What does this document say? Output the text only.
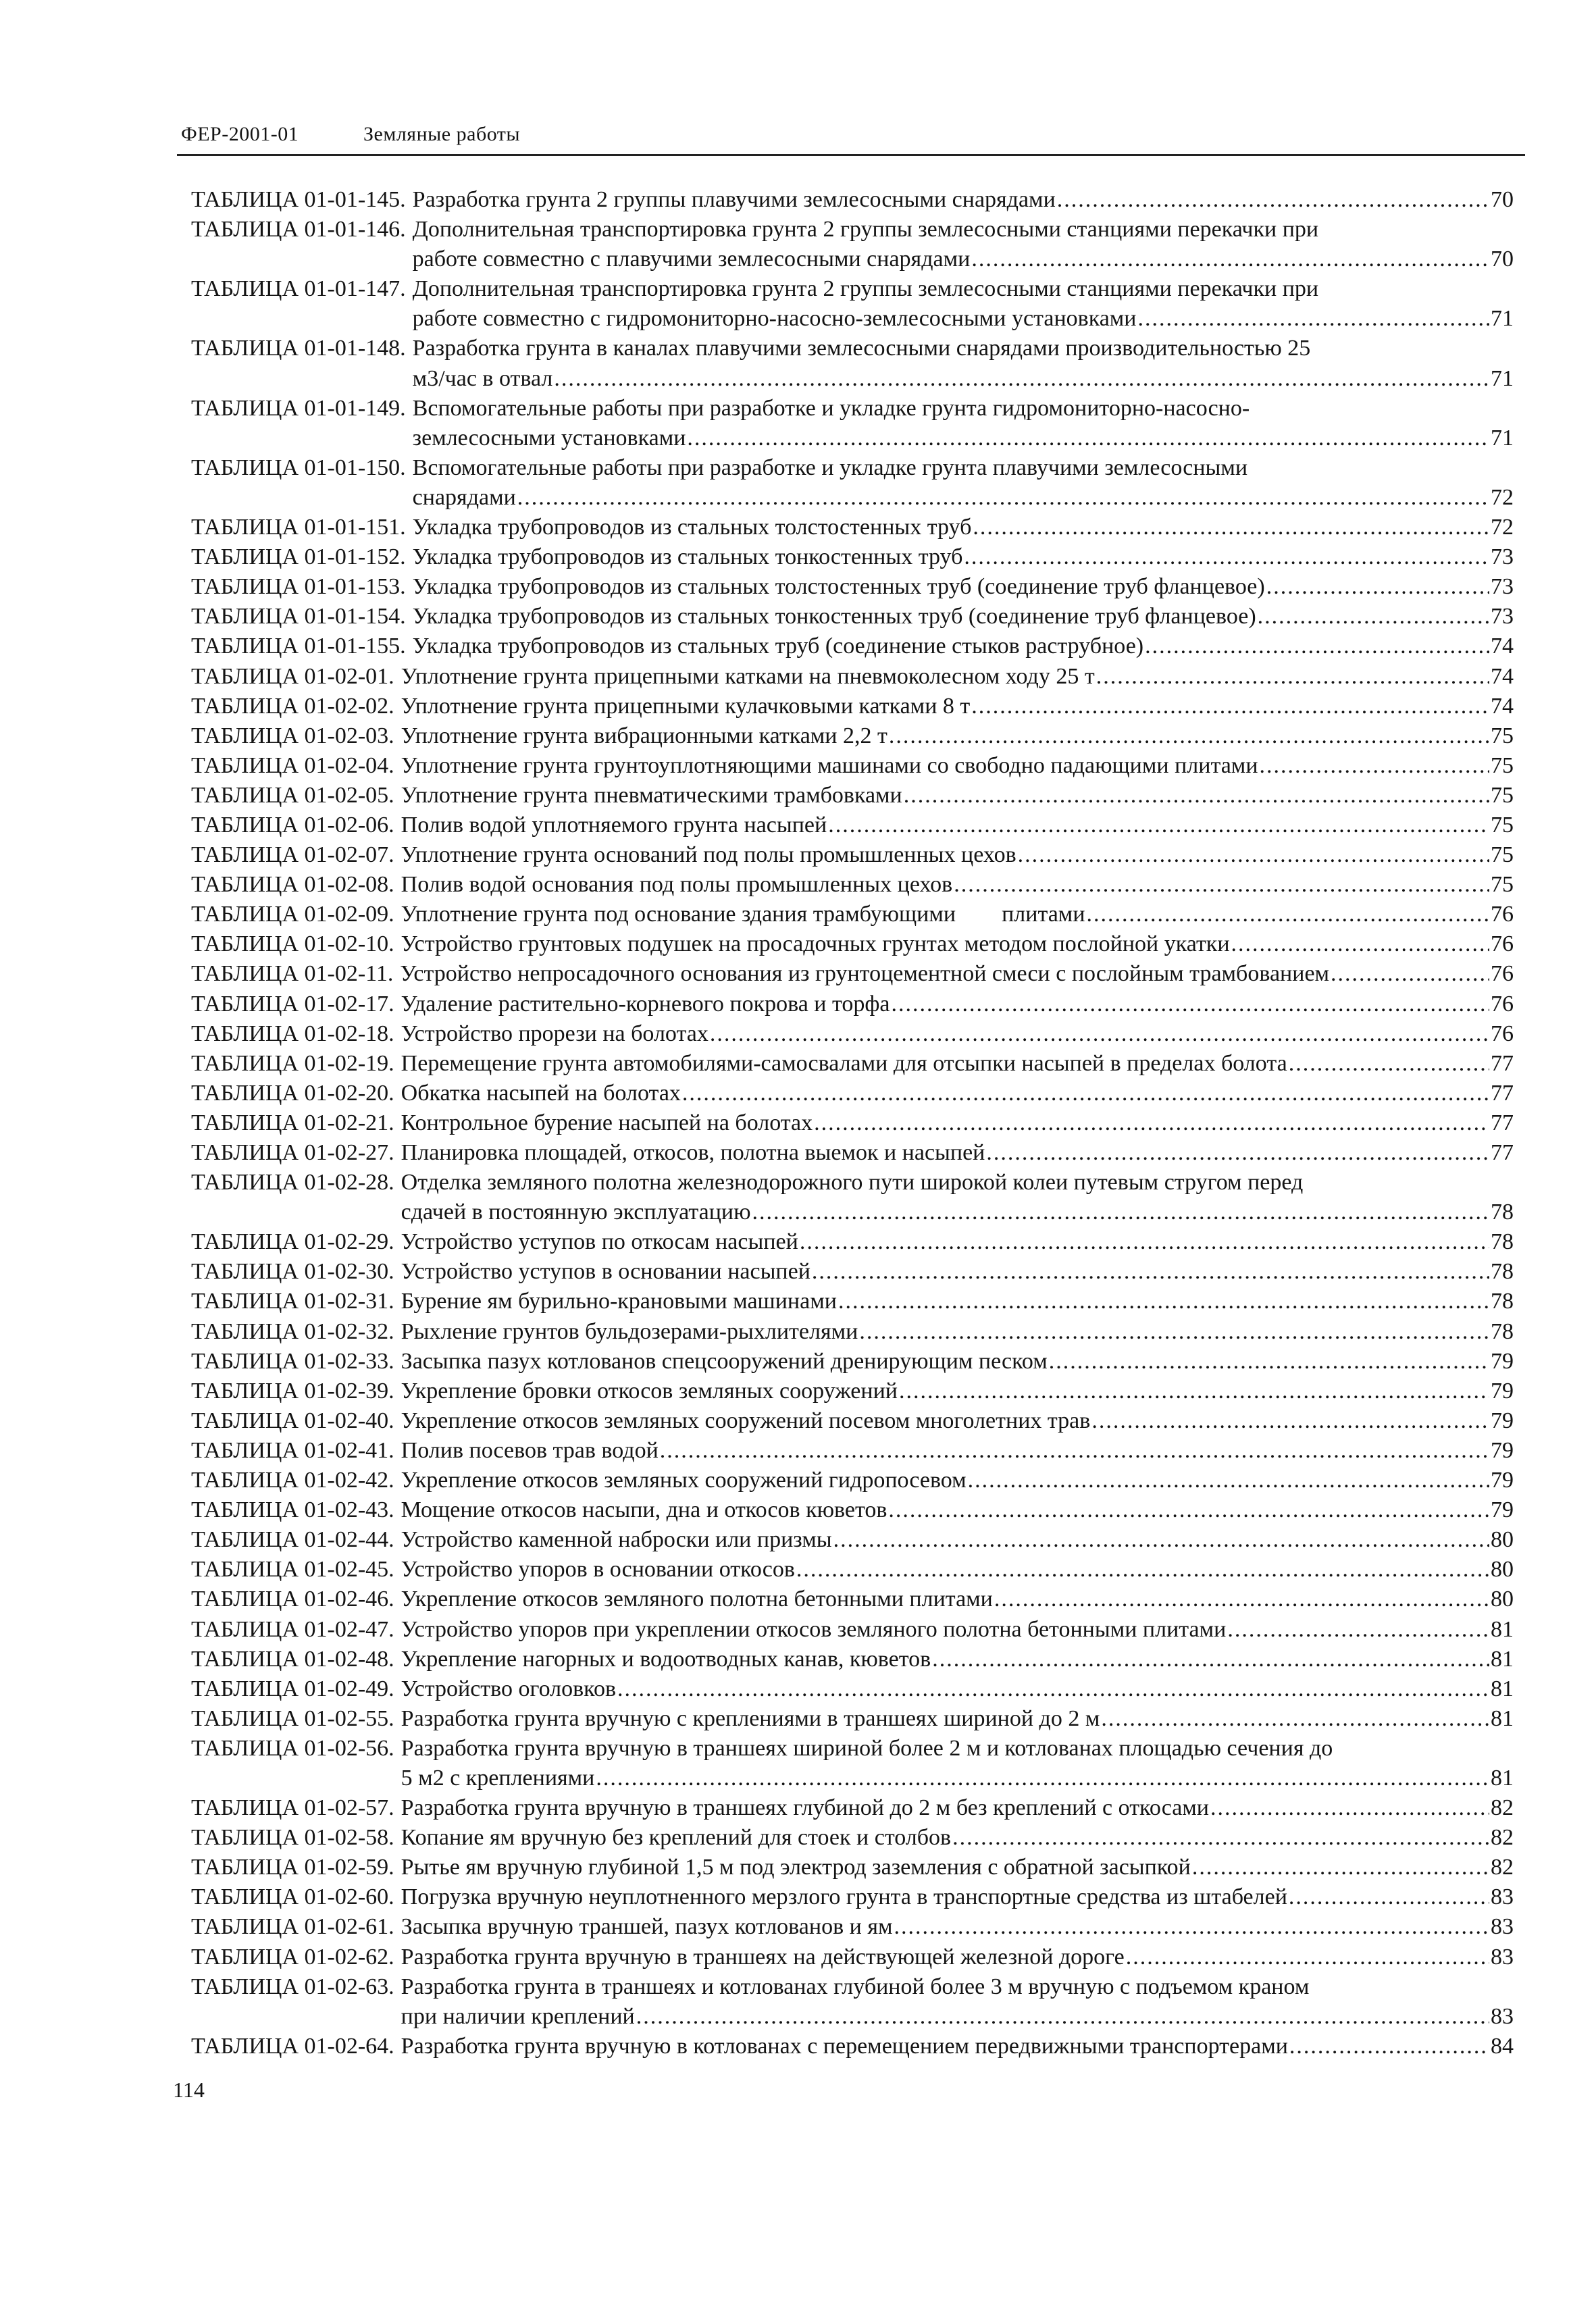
ФЕР-2001-01	Земляные работы
ТАБЛИЦА 01-01-145. Разработка грунта 2 группы плавучими землесосными снарядами .....	70
ТАБЛИЦА 01-01-146. Дополнительная транспортировка грунта 2 группы землесосными станциями перекачки при
работе совместно с плавучими землесосными снарядами .....	70
ТАБЛИЦА 01-01-147. Дополнительная транспортировка грунта 2 группы землесосными станциями перекачки при
работе совместно с гидромониторно-насосно-землесосными установками .....	71
ТАБЛИЦА 01-01-148. Разработка грунта в каналах плавучими землесосными снарядами производительностью 25
м3/час в отвал .....	71
ТАБЛИЦА 01-01-149. Вспомогательные работы при разработке и укладке грунта гидромониторно-насосно-
землесосными установками .....	71
ТАБЛИЦА 01-01-150. Вспомогательные работы при разработке и укладке грунта плавучими землесосными
снарядами .....	72
ТАБЛИЦА 01-01-151. Укладка трубопроводов из стальных толстостенных труб .....	72
ТАБЛИЦА 01-01-152. Укладка трубопроводов из стальных тонкостенных труб .....	73
ТАБЛИЦА 01-01-153. Укладка трубопроводов из стальных толстостенных труб (соединение труб фланцевое) .....	73
ТАБЛИЦА 01-01-154. Укладка трубопроводов из стальных тонкостенных труб (соединение труб фланцевое) .....	73
ТАБЛИЦА 01-01-155. Укладка трубопроводов из стальных труб (соединение стыков раструбное) .....	74
ТАБЛИЦА 01-02-01. Уплотнение грунта прицепными катками на пневмоколесном ходу 25 т .....	74
ТАБЛИЦА 01-02-02. Уплотнение грунта прицепными кулачковыми катками 8 т .....	74
ТАБЛИЦА 01-02-03. Уплотнение грунта вибрационными катками 2,2 т .....	75
ТАБЛИЦА 01-02-04. Уплотнение грунта грунтоуплотняющими машинами со свободно падающими плитами .....	75
ТАБЛИЦА 01-02-05. Уплотнение грунта пневматическими трамбовками .....	75
ТАБЛИЦА 01-02-06. Полив водой уплотняемого грунта насыпей .....	75
ТАБЛИЦА 01-02-07. Уплотнение грунта оснований под полы промышленных цехов .....	75
ТАБЛИЦА 01-02-08. Полив водой основания под полы промышленных цехов .....	75
ТАБЛИЦА 01-02-09. Уплотнение грунта под основание здания трамбующими        плитами .....	76
ТАБЛИЦА 01-02-10. Устройство грунтовых подушек на просадочных грунтах методом послойной укатки .....	76
ТАБЛИЦА 01-02-11. Устройство непросадочного основания из грунтоцементной смеси с послойным трамбованием .....	76
ТАБЛИЦА 01-02-17. Удаление растительно-корневого покрова и торфа .....	76
ТАБЛИЦА 01-02-18. Устройство прорези на болотах .....	76
ТАБЛИЦА 01-02-19. Перемещение грунта автомобилями-самосвалами для отсыпки насыпей в пределах болота .....	77
ТАБЛИЦА 01-02-20. Обкатка насыпей на болотах .....	77
ТАБЛИЦА 01-02-21. Контрольное бурение насыпей на болотах .....	77
ТАБЛИЦА 01-02-27. Планировка площадей, откосов, полотна выемок и насыпей .....	77
ТАБЛИЦА 01-02-28. Отделка земляного полотна железнодорожного пути широкой колеи путевым стругом перед
сдачей в постоянную эксплуатацию .....	78
ТАБЛИЦА 01-02-29. Устройство уступов по откосам насыпей .....	78
ТАБЛИЦА 01-02-30. Устройство уступов в основании насыпей .....	78
ТАБЛИЦА 01-02-31. Бурение ям бурильно-крановыми машинами .....	78
ТАБЛИЦА 01-02-32. Рыхление грунтов бульдозерами-рыхлителями .....	78
ТАБЛИЦА 01-02-33. Засыпка пазух котлованов спецсооружений дренирующим песком .....	79
ТАБЛИЦА 01-02-39. Укрепление бровки откосов земляных сооружений .....	79
ТАБЛИЦА 01-02-40. Укрепление откосов земляных сооружений посевом многолетних трав .....	79
ТАБЛИЦА 01-02-41. Полив посевов трав водой .....	79
ТАБЛИЦА 01-02-42. Укрепление откосов земляных сооружений гидропосевом .....	79
ТАБЛИЦА 01-02-43. Мощение откосов насыпи, дна и откосов кюветов .....	79
ТАБЛИЦА 01-02-44. Устройство каменной наброски или призмы .....	80
ТАБЛИЦА 01-02-45. Устройство упоров в основании откосов .....	80
ТАБЛИЦА 01-02-46. Укрепление откосов земляного полотна бетонными плитами .....	80
ТАБЛИЦА 01-02-47. Устройство упоров при укреплении откосов земляного полотна бетонными плитами .....	81
ТАБЛИЦА 01-02-48. Укрепление нагорных и водоотводных канав, кюветов .....	81
ТАБЛИЦА 01-02-49. Устройство оголовков .....	81
ТАБЛИЦА 01-02-55. Разработка грунта вручную с креплениями в траншеях шириной до 2 м .....	81
ТАБЛИЦА 01-02-56. Разработка грунта вручную в траншеях шириной более 2 м и котлованах площадью сечения до
5 м2 с креплениями .....	81
ТАБЛИЦА 01-02-57. Разработка грунта вручную в траншеях глубиной до 2 м без креплений с откосами .....	82
ТАБЛИЦА 01-02-58. Копание ям вручную без креплений для стоек и столбов .....	82
ТАБЛИЦА 01-02-59. Рытье ям вручную глубиной 1,5 м под электрод заземления с обратной засыпкой .....	82
ТАБЛИЦА 01-02-60. Погрузка вручную неуплотненного мерзлого грунта в транспортные средства из штабелей .....	83
ТАБЛИЦА 01-02-61. Засыпка вручную траншей, пазух котлованов и ям .....	83
ТАБЛИЦА 01-02-62. Разработка грунта вручную в траншеях на действующей железной дороге .....	83
ТАБЛИЦА 01-02-63. Разработка грунта в траншеях и котлованах глубиной более 3 м вручную с подъемом краном
при наличии креплений .....	83
ТАБЛИЦА 01-02-64. Разработка грунта вручную в котлованах с перемещением передвижными транспортерами .....	84
114
